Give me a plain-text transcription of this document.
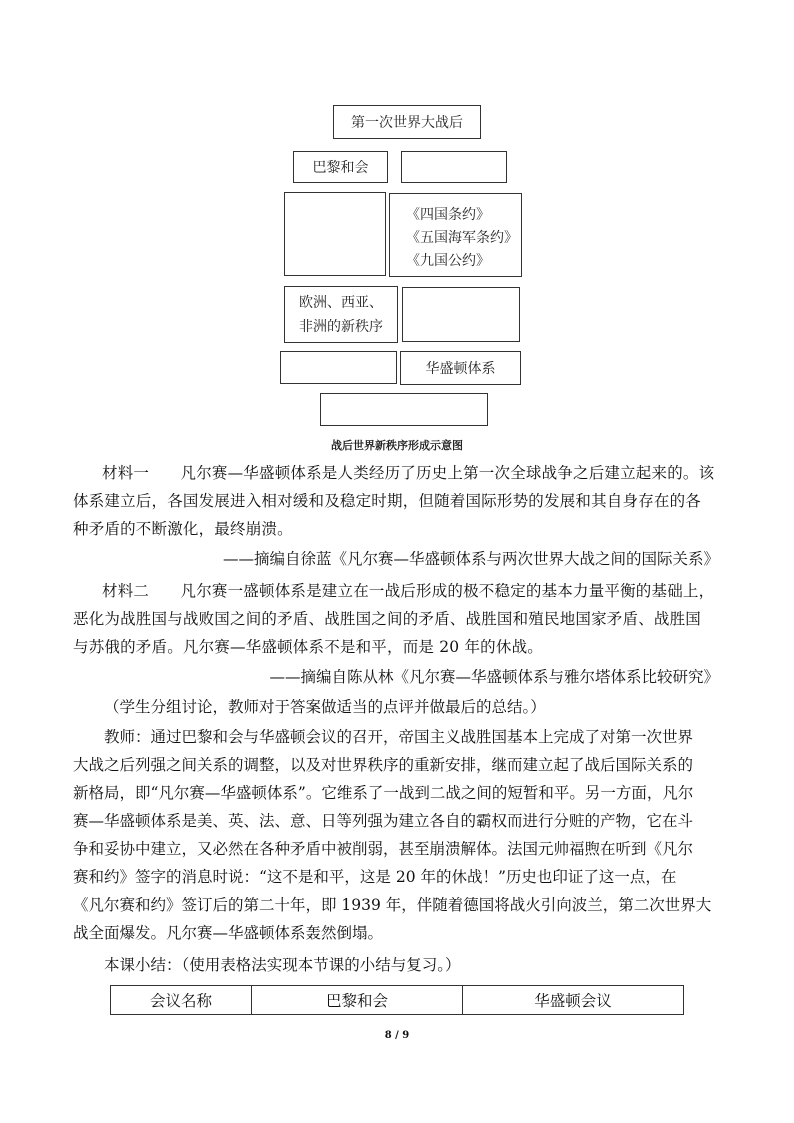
第一次世界大战后
巴黎和会
《四国条约》
《五国海军条约》
《九国公约》
欧洲、西亚、
非洲的新秩序
华盛顿体系
战后世界新秩序形成示意图
材料一　　凡尔赛—华盛顿体系是人类经历了历史上第一次全球战争之后建立起来的。该
体系建立后，各国发展进入相对缓和及稳定时期，但随着国际形势的发展和其自身存在的各
种矛盾的不断激化，最终崩溃。
——摘编自徐蓝《凡尔赛—华盛顿体系与两次世界大战之间的国际关系》
材料二　　凡尔赛一盛顿体系是建立在一战后形成的极不稳定的基本力量平衡的基础上，
恶化为战胜国与战败国之间的矛盾、战胜国之间的矛盾、战胜国和殖民地国家矛盾、战胜国
与苏俄的矛盾。凡尔赛—华盛顿体系不是和平，而是 20 年的休战。
——摘编自陈从林《凡尔赛—华盛顿体系与雅尔塔体系比较研究》
（学生分组讨论，教师对于答案做适当的点评并做最后的总结。）
教师：通过巴黎和会与华盛顿会议的召开，帝国主义战胜国基本上完成了对第一次世界
大战之后列强之间关系的调整，以及对世界秩序的重新安排，继而建立起了战后国际关系的
新格局，即“凡尔赛—华盛顿体系”。它维系了一战到二战之间的短暂和平。另一方面，凡尔
赛—华盛顿体系是美、英、法、意、日等列强为建立各自的霸权而进行分赃的产物，它在斗
争和妥协中建立，又必然在各种矛盾中被削弱，甚至崩溃解体。法国元帅福煦在听到《凡尔
赛和约》签字的消息时说：“这不是和平，这是 20 年的休战！”历史也印证了这一点，在
《凡尔赛和约》签订后的第二十年，即 1939 年，伴随着德国将战火引向波兰，第二次世界大
战全面爆发。凡尔赛—华盛顿体系轰然倒塌。
本课小结：（使用表格法实现本节课的小结与复习。）
会议名称	巴黎和会	华盛顿会议
8 / 9
